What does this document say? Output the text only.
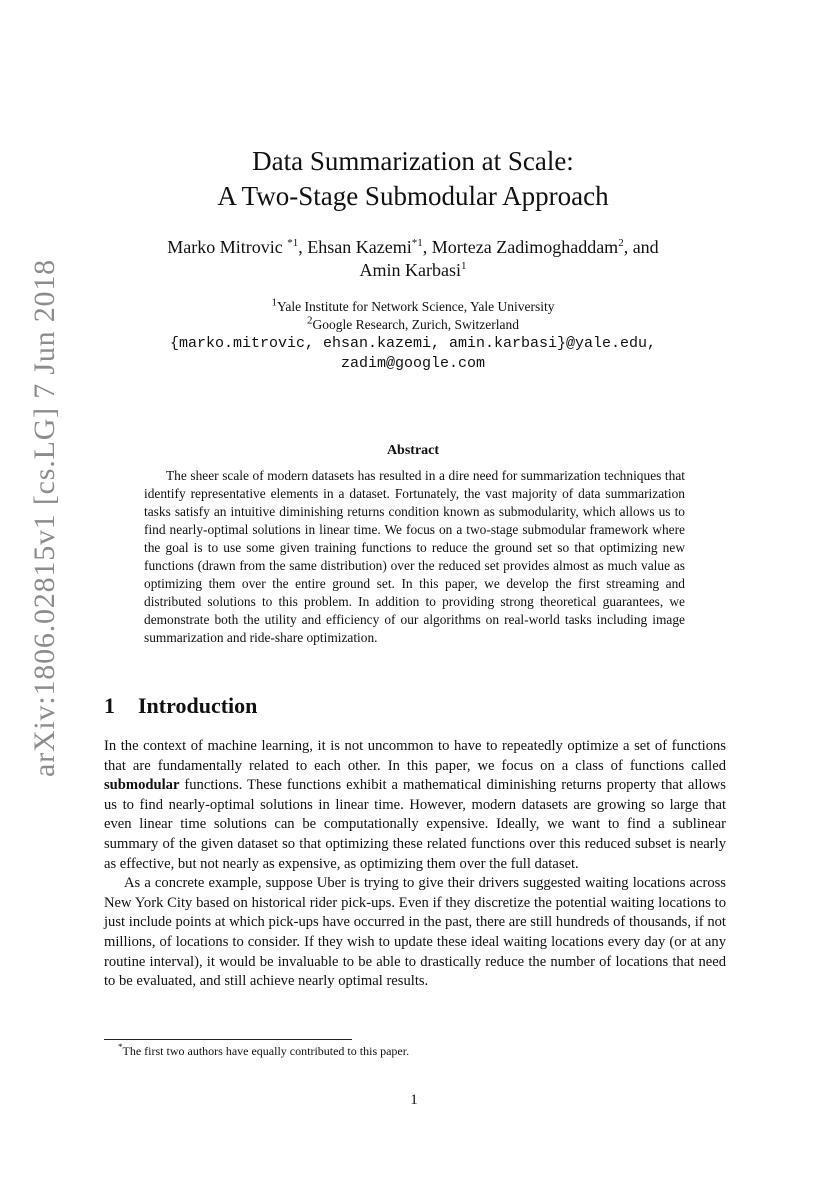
arXiv:1806.02815v1 [cs.LG] 7 Jun 2018
Data Summarization at Scale:
A Two-Stage Submodular Approach
Marko Mitrovic $^{*1}$, Ehsan Kazemi$^{*1}$, Morteza Zadimoghaddam$^2$, and
Amin Karbasi$^1$
$^1$Yale Institute for Network Science, Yale University
$^2$Google Research, Zurich, Switzerland
{marko.mitrovic, ehsan.kazemi, amin.karbasi}@yale.edu,
zadim@google.com
Abstract

The sheer scale of modern datasets has resulted in a dire need for summarization techniques that identify representative elements in a dataset. Fortunately, the vast majority of data summarization tasks satisfy an intuitive diminishing returns condition known as submodularity, which allows us to find nearly-optimal solutions in linear time. We focus on a two-stage submodular framework where the goal is to use some given training functions to reduce the ground set so that optimizing new functions (drawn from the same distribution) over the reduced set provides almost as much value as optimizing them over the entire ground set. In this paper, we develop the first streaming and distributed solutions to this problem. In addition to providing strong theoretical guarantees, we demonstrate both the utility and efficiency of our algorithms on real-world tasks including image summarization and ride-share optimization.

1 Introduction

In the context of machine learning, it is not uncommon to have to repeatedly optimize a set of functions that are fundamentally related to each other. In this paper, we focus on a class of functions called submodular functions. These functions exhibit a mathematical diminishing returns property that allows us to find nearly-optimal solutions in linear time. However, modern datasets are growing so large that even linear time solutions can be computationally expensive. Ideally, we want to find a sublinear summary of the given dataset so that optimizing these related functions over this reduced subset is nearly as effective, but not nearly as expensive, as optimizing them over the full dataset.

As a concrete example, suppose Uber is trying to give their drivers suggested waiting locations across New York City based on historical rider pick-ups. Even if they discretize the potential waiting locations to just include points at which pick-ups have occurred in the past, there are still hundreds of thousands, if not millions, of locations to consider. If they wish to update these ideal waiting locations every day (or at any routine interval), it would be invaluable to be able to drastically reduce the number of locations that need to be evaluated, and still achieve nearly optimal results.

*The first two authors have equally contributed to this paper.
1
